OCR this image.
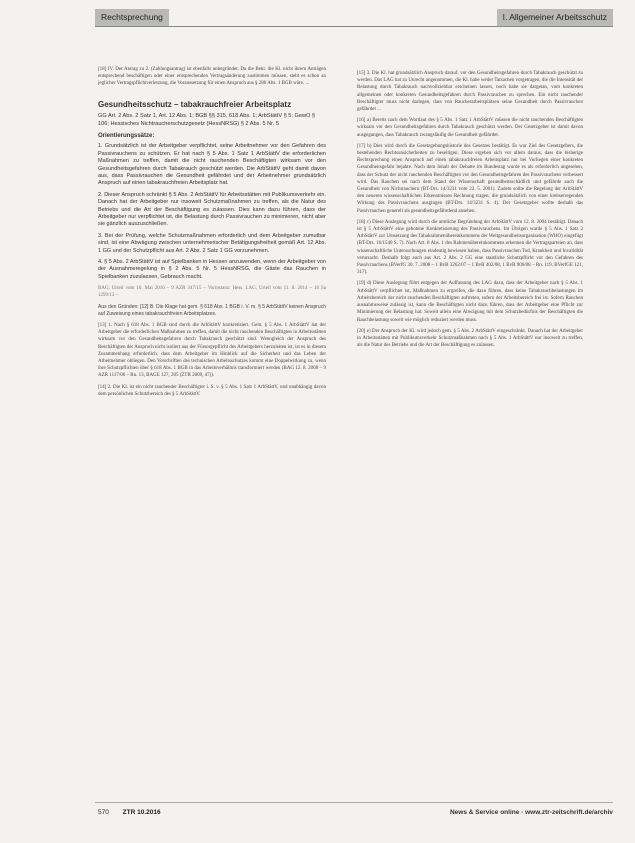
Rechtsprechung	I. Allgemeiner Arbeitsschutz

[18] IV. Der Antrag zu 2. (Zahlungsantrag) ist ebenfalls unbegründet. Da die Bekl. die Kl. nicht ihrem Anträgen entsprechend beschäftigen oder einer entsprechenden Vertragsänderung zustimmen müssen, steht es schon an jeglicher Vertragspflichtverletzung, die Voraussetzung für einen Anspruch aus § 280 Abs. 1 BGB wäre. ...

Gesundheitsschutz – tabakrauchfreier Arbeitsplatz
GG Art. 2 Abs. 2 Satz 1, Art. 12 Abs. 1; BGB §§ 315, 618 Abs. 1; ArbStättV § 5; GewO § 106; Hessisches Nichtraucherschutzgesetz (HessNRSG) § 2 Abs. 5 Nr. 5
Orientierungssätze:
1. Grundsätzlich ist der Arbeitgeber verpflichtet, seine Arbeitnehmer vor den Gefahren des Passivrauchens zu schützen. Er hat nach § 5 Abs. 1 Satz 1 ArbStättV die erforderlichen Maßnahmen zu treffen, damit die nicht rauchenden Beschäftigten wirksam vor den Gesundheitsgefahren durch Tabakrauch geschützt werden. Die ArbStättV geht damit davon aus, dass Passivrauchen die Gesundheit gefährdet und der Arbeitnehmer grundsätzlich Anspruch auf einen tabakrauchfreien Arbeitsplatz hat.
2. Dieser Anspruch schränkt § 5 Abs. 2 ArbStättV für Arbeitsstätten mit Publikumsverkehr ein. Danach hat der Arbeitgeber nur insoweit Schutzmaßnahmen zu treffen, als die Natur des Betriebs und die Art der Beschäftigung es zulassen. Dies kann dazu führen, dass der Arbeitgeber nur verpflichtet ist, die Belastung durch Passivrauchen zu minimieren, nicht aber sie gänzlich auszuschließen.
3. Bei der Prüfung, welche Schutzmaßnahmen erforderlich und dem Arbeitgeber zumutbar sind, ist eine Abwägung zwischen unternehmerischer Betätigungsfreiheit gemäß Art. 12 Abs. 1 GG und der Schutzpflicht aus Art. 2 Abs. 2 Satz 1 GG vorzunehmen.
4. § 5 Abs. 2 ArbStättV ist auf Spielbanken in Hessen anzuwenden, wenn der Arbeitgeber von der Ausnahmeregelung in § 2 Abs. 5 Nr. 5 HessNRSG, die Gäste das Rauchen in Spielbanken zuzulassen, Gebrauch macht.

BAG, Urteil vom 10. Mai 2016 – 9 AZR 347/15 – Vorinstanz: Hess. LAG, Urteil vom 11. 8. 2014 – 16 Sa 1299/13 –

Aus den Gründen: [12] B. Die Klage hat gem. § 618 Abs. 1 BGB i. V. m. § 5 ArbStättV keinen Anspruch auf Zuweisung eines tabakrauchfreien Arbeitsplatzes.

[13] 1. Nach § 618 Abs. 1 BGB sind durch die ArbStättV konkretisiert. Gem. § 5 Abs. 1 ArbStättV hat der Arbeitgeber die erforderlichen Maßnahmen zu treffen, damit die nicht rauchenden Beschäftigten in Arbeitsstätten wirksam vor den Gesundheitsgefahren durch Tabakrauch geschützt sind. Wenngleich der Anspruch des Beschäftigten der Anspruch nicht isoliert aus der Fürsorgepflicht des Arbeitgebers herzuleiten ist, ist es in diesem Zusammenhang erforderlich, dass dem Arbeitgeber im Hinblick auf die Sicherheit und das Leben der Arbeitnehmer obliegen. Den Vorschriften des technischen Arbeitsschutzes kommt eine Doppelwirkung zu, wenn ihre Schutzpflichten über § 618 Abs. 1 BGB in das Arbeitsverhältnis transformiert werden (BAG 12. 8. 2008 – 9 AZR 1117/06 – Rn. 13, BAGE 127, 205 (ZTR 2009, 47)).

[14] 2. Die Kl. ist ein nicht rauchender Beschäftigter i. S. v. § 5 Abs. 1 Satz 1 ArbStättV, und unabhängig davon dem persönlichen Schutzbereich des § 5 ArbStättV.

[15] 3. Die Kl. hat grundsätzlich Anspruch darauf, vor den Gesundheitsgefahren durch Tabakrauch geschützt zu werden. Das LAG hat zu Unrecht angenommen, die Kl. habe weder Tatsachen vorgetragen, die die Intensität der Belastung durch Tabakrauch nachvollziehbar erscheinen lassen, noch habe sie dargetan, vom konkreten allgemeinen oder konkreten Gesundheitsgefahren durch Passivrauchen zu sprechen. Ein nicht rauchender Beschäftigter muss nicht darlegen, dass von Raucherarbeitsplätzen seine Gesundheit durch Passivrauchen gefährdet ...

[16] a) Bereits nach dem Wortlaut des § 5 Abs. 1 Satz 1 ArbStättV müssen die nicht rauchenden Beschäftigten wirksam vor den Gesundheitsgefahren durch Tabakrauch geschützt werden. Der Gesetzgeber ist damit davon ausgegangen, dass Tabakrauch zwangsläufig die Gesundheit gefährdet.

[17] b) Dies wird durch die Gesetzgebungshistorie des Gesetzes bestätigt. Es war Ziel des Gesetzgebers, die bestehenden Rechtsunsicherheiten zu beseitigen. Diese ergeben sich vor allem daraus, dass die bisherige Rechtsprechung einen Anspruch auf einen tabakrauchfreien Arbeitsplatz nur bei Vorliegen einer konkreten Gesundheitsgefahr bejahte. Nach dem Inhalt der Debatte im Bundestag wurde es als erforderlich angesehen, dass der Schutz der nicht rauchenden Beschäftigten vor den Gesundheitsgefahren des Passivrauchens verbessert wird. Das Rauchen sei nach dem Stand der Wissenschaft gesundheitsschädlich und gefährde auch die Gesundheit von Nichtrauchern (BT-Drs. 14/3231 vom 22. 5. 2001). Zudem sollte die Regelung der ArbStättV den neueren wissenschaftlichen Erkenntnissen Rechnung tragen, die grundsätzlich von einer krebserregenden Wirkung des Passivrauchens ausgingen (BT-Drs. 14/3231 S. 4). Der Gesetzgeber wollte deshalb das Passivrauchen generell als gesundheitsgefährdend ansehen.

[18] c) Diese Auslegung wird durch die amtliche Begründung der ArbStättV vom 12. 8. 2004 bestätigt. Danach ist § 5 ArbStättV eine gebotene Konkretisierung des Passivrauchens. Im Übrigen wurde § 5 Abs. 1 Satz 2 ArbStättV zur Umsetzung des Tabakrahmenübereinkommens der Weltgesundheitsorganisation (WHO) eingefügt (BT-Drs. 16/1540 S. 7). Nach Art. 8 Abs. 1 des Rahmenübereinkommens erkennen die Vertragsparteien an, dass wissenschaftliche Untersuchungen eindeutig bewiesen haben, dass Passivrauchen Tod, Krankheit und Invalidität verursacht. Deshalb folgt auch aus Art. 2 Abs. 2 GG eine staatliche Schutzpflicht vor den Gefahren des Passivrauchens (BVerfG 30. 7. 2008 – 1 BvR 3262/07 – 1 BvR 402/08, 1 BvR 906/08 – Rn. 119, BVerfGE 121, 317).

[19] d) Diese Auslegung führt entgegen der Auffassung des LAG dazu, dass der Arbeitgeber nach § 5 Abs. 1 ArbStättV verpflichtet ist, Maßnahmen zu ergreifen, die dazu führen, dass keine Tabakrauchbelastungen im Arbeitsbereich der nicht rauchenden Beschäftigten auftreten, sofern der Arbeitsbereich frei ist. Sofern Rauchen ausnahmsweise zulässig ist, kann die Beschäftigten nicht dazu führen, dass der Arbeitgeber eine Pflicht zur Minimierung der Belastung hat. Soweit allein eine Abwägung mit dem Schutzbedürfnis der Beschäftigten die Rauchbelastung soweit wie möglich reduziert werden muss.

[20] e) Der Anspruch der Kl. wird jedoch gem. § 5 Abs. 2 ArbStättV eingeschränkt. Danach hat der Arbeitgeber in Arbeitsstätten mit Publikumsverkehr Schutzmaßnahmen nach § 5 Abs. 1 ArbStättV nur insoweit zu treffen, als die Natur des Betriebs und die Art der Beschäftigung es zulassen.

570 ZTR 10.2016	News & Service online · www.ztr-zeitschrift.de/archiv
